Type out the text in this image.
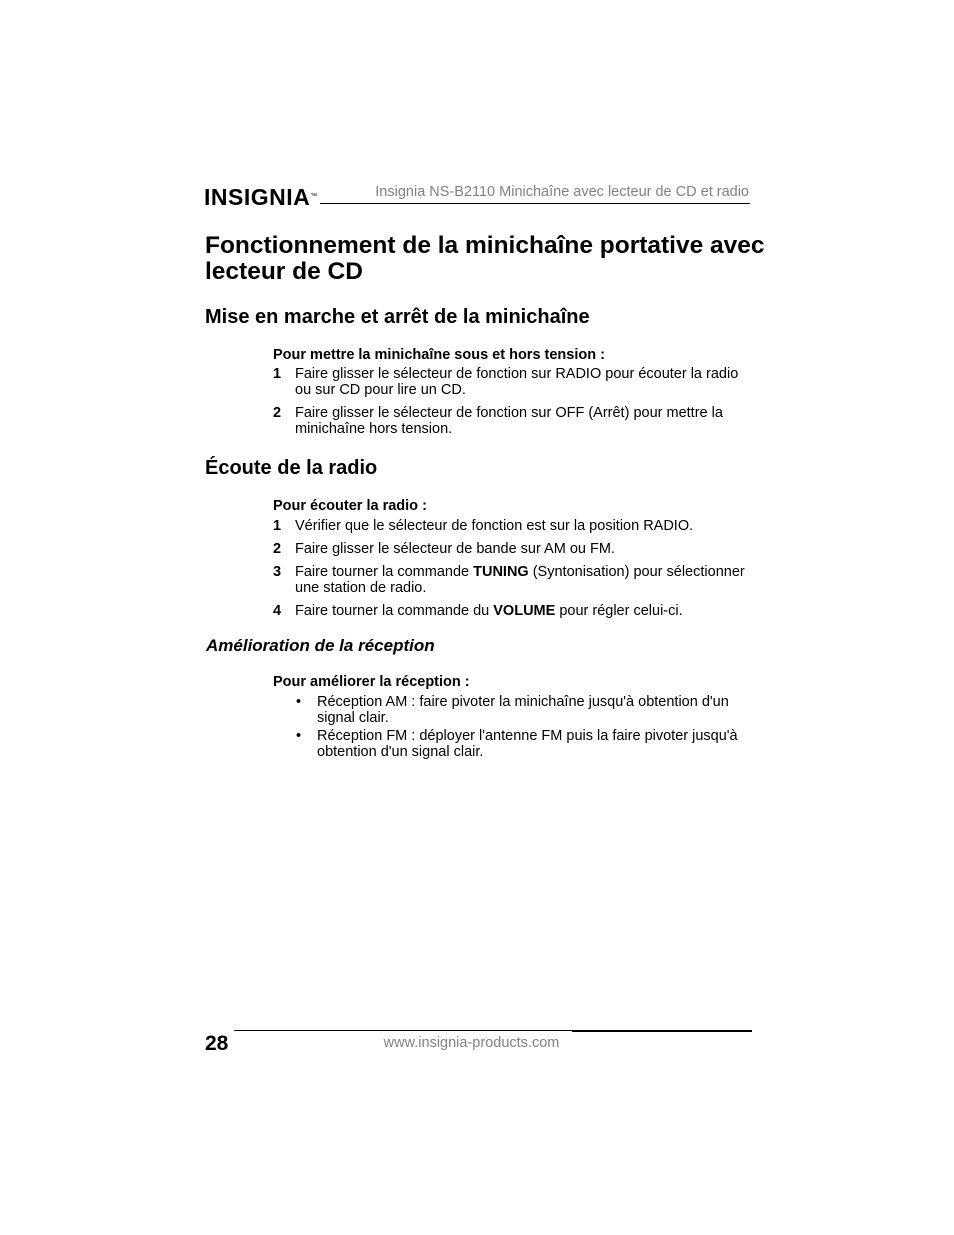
INSIGNIA™	Insignia NS-B2110 Minichaîne avec lecteur de CD et radio
Fonctionnement de la minichaîne portative avec lecteur de CD
Mise en marche et arrêt de la minichaîne
Pour mettre la minichaîne sous et hors tension :
1 Faire glisser le sélecteur de fonction sur RADIO pour écouter la radio ou sur CD pour lire un CD.
2 Faire glisser le sélecteur de fonction sur OFF (Arrêt) pour mettre la minichaîne hors tension.
Écoute de la radio
Pour écouter la radio :
1 Vérifier que le sélecteur de fonction est sur la position RADIO.
2 Faire glisser le sélecteur de bande sur AM ou FM.
3 Faire tourner la commande TUNING (Syntonisation) pour sélectionner une station de radio.
4 Faire tourner la commande du VOLUME pour régler celui-ci.
Amélioration de la réception
Pour améliorer la réception :
• Réception AM : faire pivoter la minichaîne jusqu'à obtention d'un signal clair.
• Réception FM : déployer l'antenne FM puis la faire pivoter jusqu'à obtention d'un signal clair.
28	www.insignia-products.com
